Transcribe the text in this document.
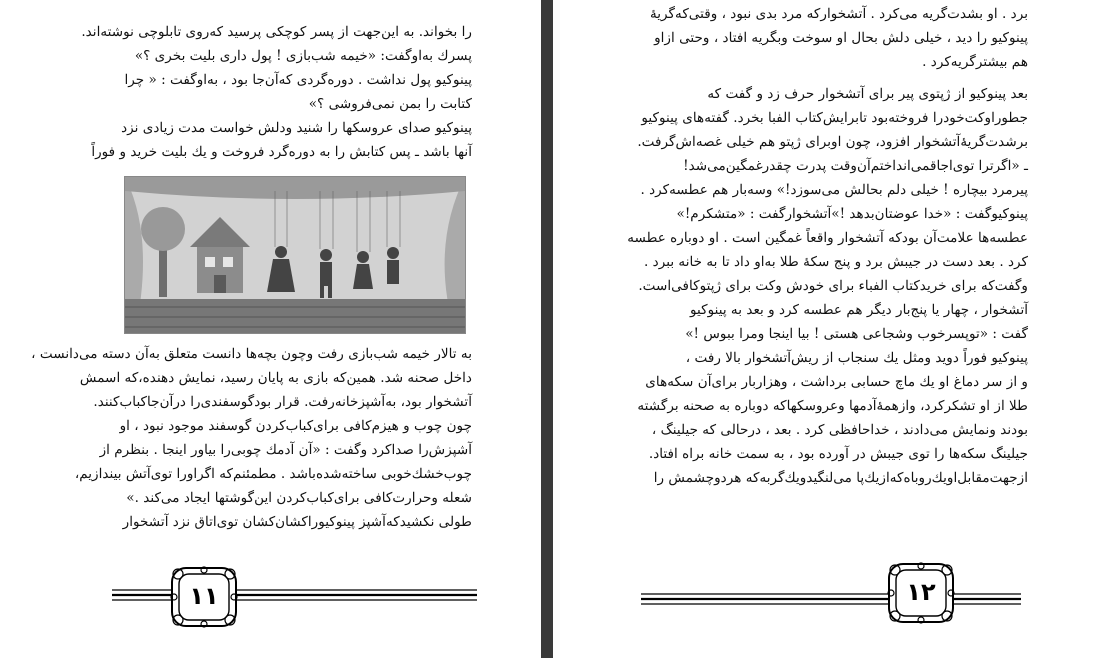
را بخواند. به این‌جهت از پسر کوچکی پرسید که‌روی تابلوچی نوشته‌اند.

پسرك به‌اوگفت: «خیمه شب‌بازی ! پول داری بلیت بخری ؟»

پینوکیو پول نداشت . دوره‌گردی که‌آن‌جا بود ، به‌اوگفت : « چرا

کتابت را بمن نمی‌فروشی ؟»

پینوکیو صدای عروسکها را شنید ودلش خواست مدت زیادی نزد

آنها باشد ـ پس کتابش را به دوره‌گرد فروخت و يك بلیت خرید و فوراً

به تالار خیمه شب‌بازی رفت وچون بچه‌ها دانست متعلق به‌آن دسته می‌دانست ،

داخل صحنه شد. همین‌که بازی به پایان رسید، نمایش دهنده،که اسمش

آتشخوار بود، به‌آشپزخانه‌رفت. قرار بودگوسفندی‌را درآن‌جاکباب‌کنند.

چون چوب و هیزم‌کافی برای‌کباب‌کردن گوسفند موجود نبود ، او

آشپزش‌را صداکرد وگفت : «آن آدمك چوبی‌را بیاور اینجا . بنظرم از

چوب‌خشك‌خوبی ساخته‌شده‌باشد . مطمئنم‌که اگراورا توی‌آتش بیندازیم،

شعله وحرارت‌کافی برای‌کباب‌کردن این‌گوشتها ایجاد می‌کند .»

طولی نکشیدکه‌آشپز پینوکیوراکشان‌کشان توی‌اتاق نزد آتشخوار

۱۱

برد . او بشدت‌گریه می‌کرد . آتشخوارکه مرد بدی نبود ، وقتی‌که‌گریهٔ

پینوکیو را دید ، خیلی دلش بحال او سوخت وبگریه افتاد ، وحتی ازاو

هم بیشترگریه‌کرد .

بعد پینوکیو از ژپتوی پیر برای آتشخوار حرف زد و گفت که

جطوراوکت‌خودرا فروخته‌بود تابرایش‌کتاب الفبا بخرد. گفته‌های پینوکیو

برشدت‌گریهٔ‌آتشخوار افزود، چون اوبرای ژپتو هم خیلی غصه‌اش‌گرفت.

ـ «اگرترا توی‌اجاقمی‌انداختم‌آن‌وقت پدرت چقدرغمگین‌می‌شد!

پیرمرد بیچاره ! خیلی دلم بحالش می‌سوزد!» وسه‌بار هم عطسه‌کرد .

پینوکیوگفت : «خدا عوضتان‌بدهد !»آتشخوارگفت : «متشکرم!»

عطسه‌ها علامت‌آن بودکه آتشخوار واقعاً غمگین است . او دوباره عطسه

کرد . بعد دست در جیبش برد و پنج سکهٔ طلا به‌او داد تا به خانه ببرد .

وگفت‌که برای خریدکتاب الفباء برای خودش وکت برای ژپتوکافی‌است.

آتشخوار ، چهار یا پنج‌بار دیگر هم عطسه کرد و بعد به پینوکیو

گفت : «توپسرخوب وشجاعی هستی ! بیا اینجا ومرا ببوس !»

پینوکیو فوراً دوید ومثل يك سنجاب از ریش‌آتشخوار بالا رفت ،

و از سر دماغ او يك ماچ حسابی برداشت ، وهزاربار برای‌آن سکه‌های

طلا از او تشکرکرد، وازهمهٔ‌آدمها وعروسکهاکه دوباره به صحنه برگشته

بودند ونمایش می‌دادند ، خداحافظی کرد . بعد ، درحالی که جیلینگ ،

جیلینگ سکه‌ها را توی جیبش در آورده بود ، به سمت خانه براه افتاد.

ازجهت‌مقابل‌اویك‌روباه‌که‌ازیك‌پا می‌لنگید‌ویك‌گربه‌که هردوچشمش را

۱۲
